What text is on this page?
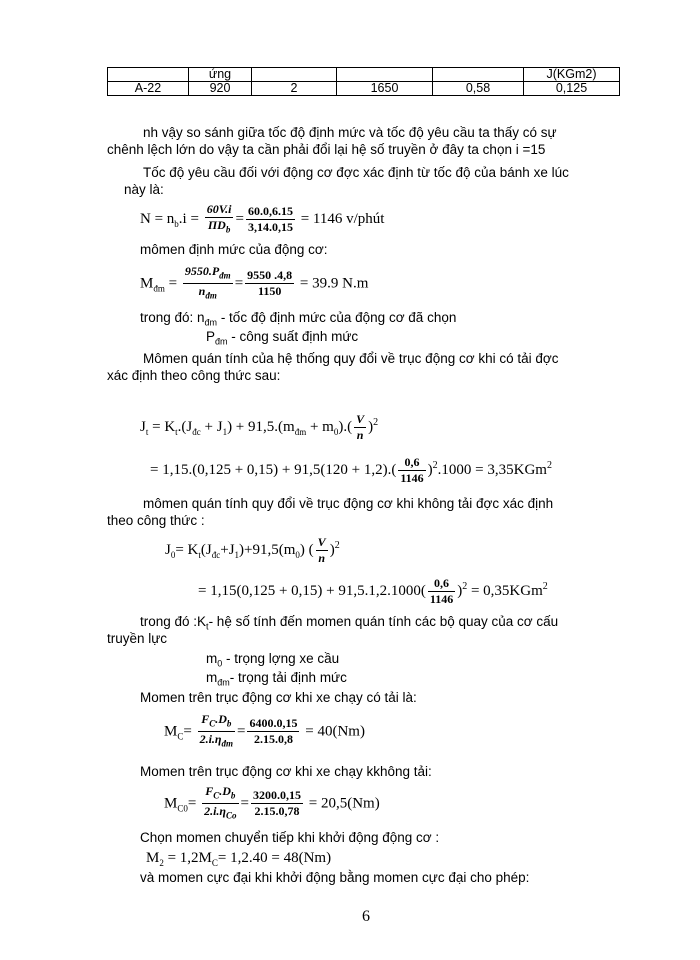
	ứng				J(KGm2)
A-22	920	2	1650	0,58	0,125
nh vậy so sánh giữa tốc độ định mức và tốc độ yêu cầu ta thấy có sự
chênh lệch lớn do vậy ta cần phải đổi lại hệ số truyền ở đây ta chọn i =15
Tốc độ yêu cầu đối với động cơ đợc xác định từ tốc độ của bánh xe lúc
này là:
$N = n_b.i = \frac{60V.i}{\Pi D_b} = \frac{60.0,6.15}{3,14.0,15} = 1146$ v/phút
mômen định mức của động cơ:
$M_{đm} = \frac{9550.P_{đm}}{n_{đm}} = \frac{9550 .4,8}{1150} = 39.9$ N.m
trong đó: $n_{đm}$ - tốc độ định mức của động cơ đã chọn
$P_{đm}$ - công suất định mức
Mômen quán tính của hệ thống quy đổi về trục động cơ khi có tải đợc
xác định theo công thức sau:
$J_t = K_t.(J_{đc} + J_1) + 91,5.(m_{đm} + m_0).( \frac{V}{n} )^2$
= $1,15.(0,125 + 0,15) + 91,5(120 + 1,2).( \frac{0,6}{1146} )^2.1000 = 3,35KGm^2$
mômen quán tính quy đổi về trục động cơ khi không tải đợc xác định
theo công thức :
$J_0= K_t(J_{đc}+J_1)+91,5(m_0)$ ( $\frac{V}{n} )^2$
= $1,15(0,125 + 0,15) + 91,5.1,2.1000( \frac{0,6}{1146} )^2 = 0,35KGm^2$
trong đó $:K_t-$ hệ số tính đến momen quán tính các bộ quay của cơ cấu
truyền lực
$m_0$ - trọng lợng xe cầu
$m_{đm}-$ trọng tải định mức
Momen trên trục động cơ khi xe chạy có tải là:
$M_C= \frac{F_C.D_b}{2.i.\eta_{đm}} = \frac{6400.0,15}{2.15.0,8} = 40(Nm)$
Momen trên trục động cơ khi xe chạy kkhông tải:
$M_{C0}= \frac{F_C.D_b}{2.i.\eta_{Co}} = \frac{3200.0,15}{2.15.0,78} = 20,5(Nm)$
Chọn momen chuyển tiếp khi khởi động động cơ :
$M_2 = 1,2M_C= 1,2.40 = 48(Nm)$
và momen cực đại khi khởi động bằng momen cực đại cho phép:
6
